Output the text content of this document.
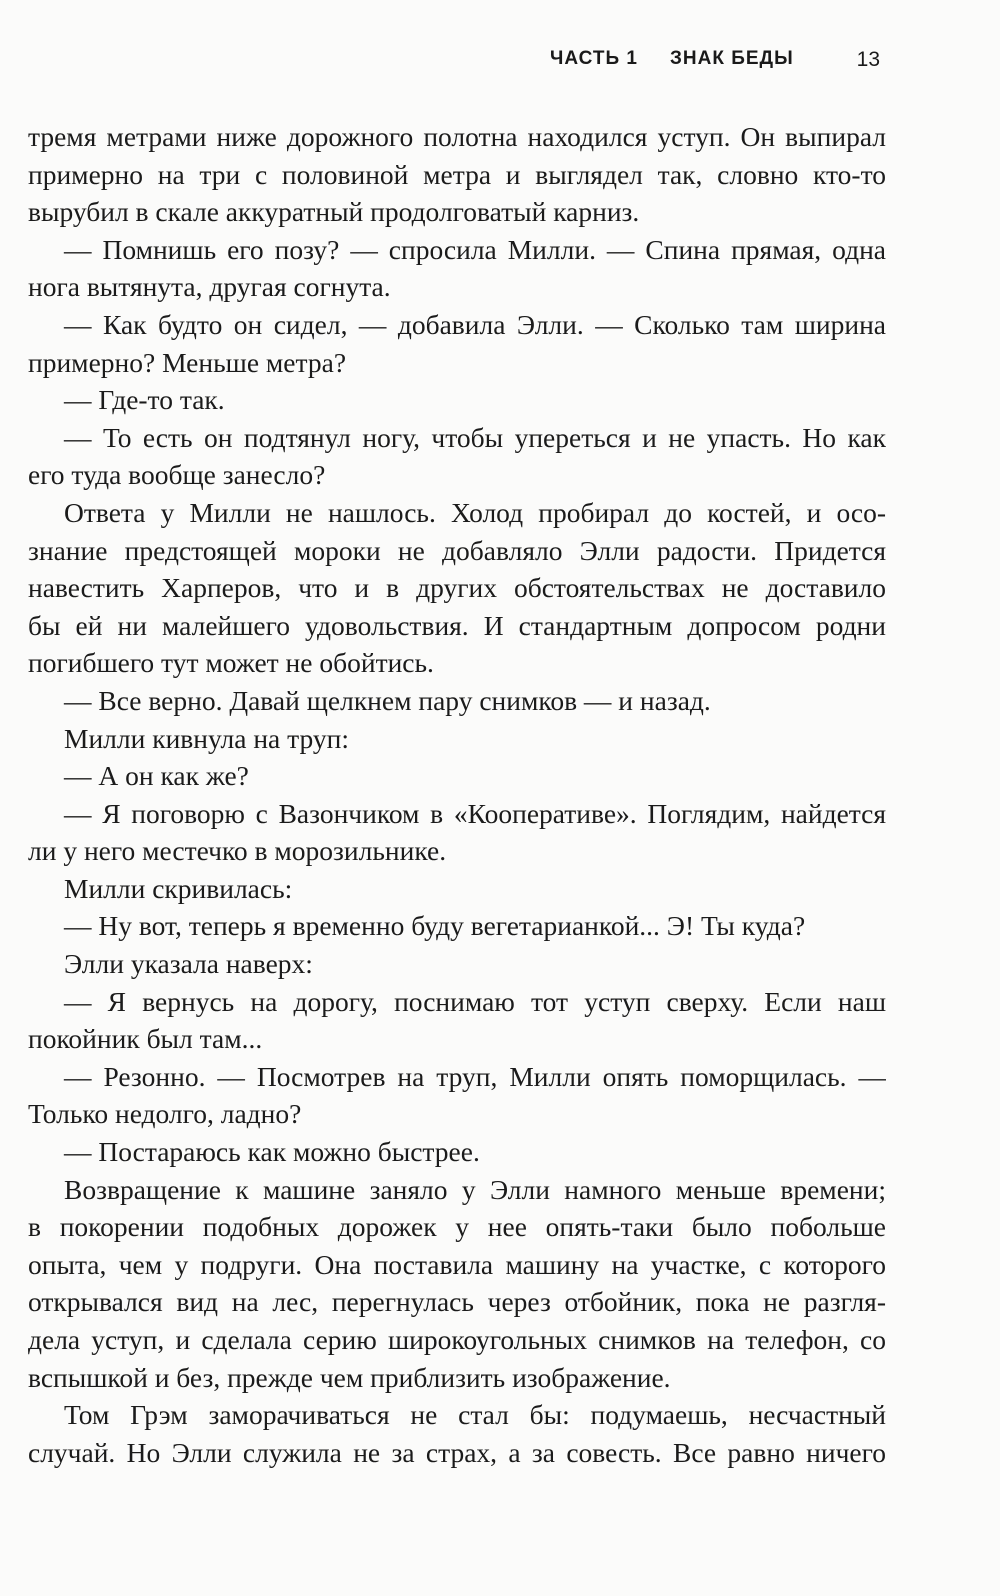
ЧАСТЬ 1 ЗНАК БЕДЫ	13
тремя метрами ниже дорожного полотна находился уступ. Он выпирал
примерно на три с половиной метра и выглядел так, словно кто-то
вырубил в скале аккуратный продолговатый карниз.
— Помнишь его позу? — спросила Милли. — Спина прямая, одна
нога вытянута, другая согнута.
— Как будто он сидел, — добавила Элли. — Сколько там ширина
примерно? Меньше метра?
— Где-то так.
— То есть он подтянул ногу, чтобы упереться и не упасть. Но как
его туда вообще занесло?
Ответа у Милли не нашлось. Холод пробирал до костей, и осо-
знание предстоящей мороки не добавляло Элли радости. Придется
навестить Харперов, что и в других обстоятельствах не доставило
бы ей ни малейшего удовольствия. И стандартным допросом родни
погибшего тут может не обойтись.
— Все верно. Давай щелкнем пару снимков — и назад.
Милли кивнула на труп:
— А он как же?
— Я поговорю с Вазончиком в «Кооперативе». Поглядим, найдется
ли у него местечко в морозильнике.
Милли скривилась:
— Ну вот, теперь я временно буду вегетарианкой... Э! Ты куда?
Элли указала наверх:
— Я вернусь на дорогу, поснимаю тот уступ сверху. Если наш
покойник был там...
— Резонно. — Посмотрев на труп, Милли опять поморщилась. —
Только недолго, ладно?
— Постараюсь как можно быстрее.
Возвращение к машине заняло у Элли намного меньше времени;
в покорении подобных дорожек у нее опять-таки было побольше
опыта, чем у подруги. Она поставила машину на участке, с которого
открывался вид на лес, перегнулась через отбойник, пока не разгля-
дела уступ, и сделала серию широкоугольных снимков на телефон, со
вспышкой и без, прежде чем приблизить изображение.
Том Грэм заморачиваться не стал бы: подумаешь, несчастный
случай. Но Элли служила не за страх, а за совесть. Все равно ничего
